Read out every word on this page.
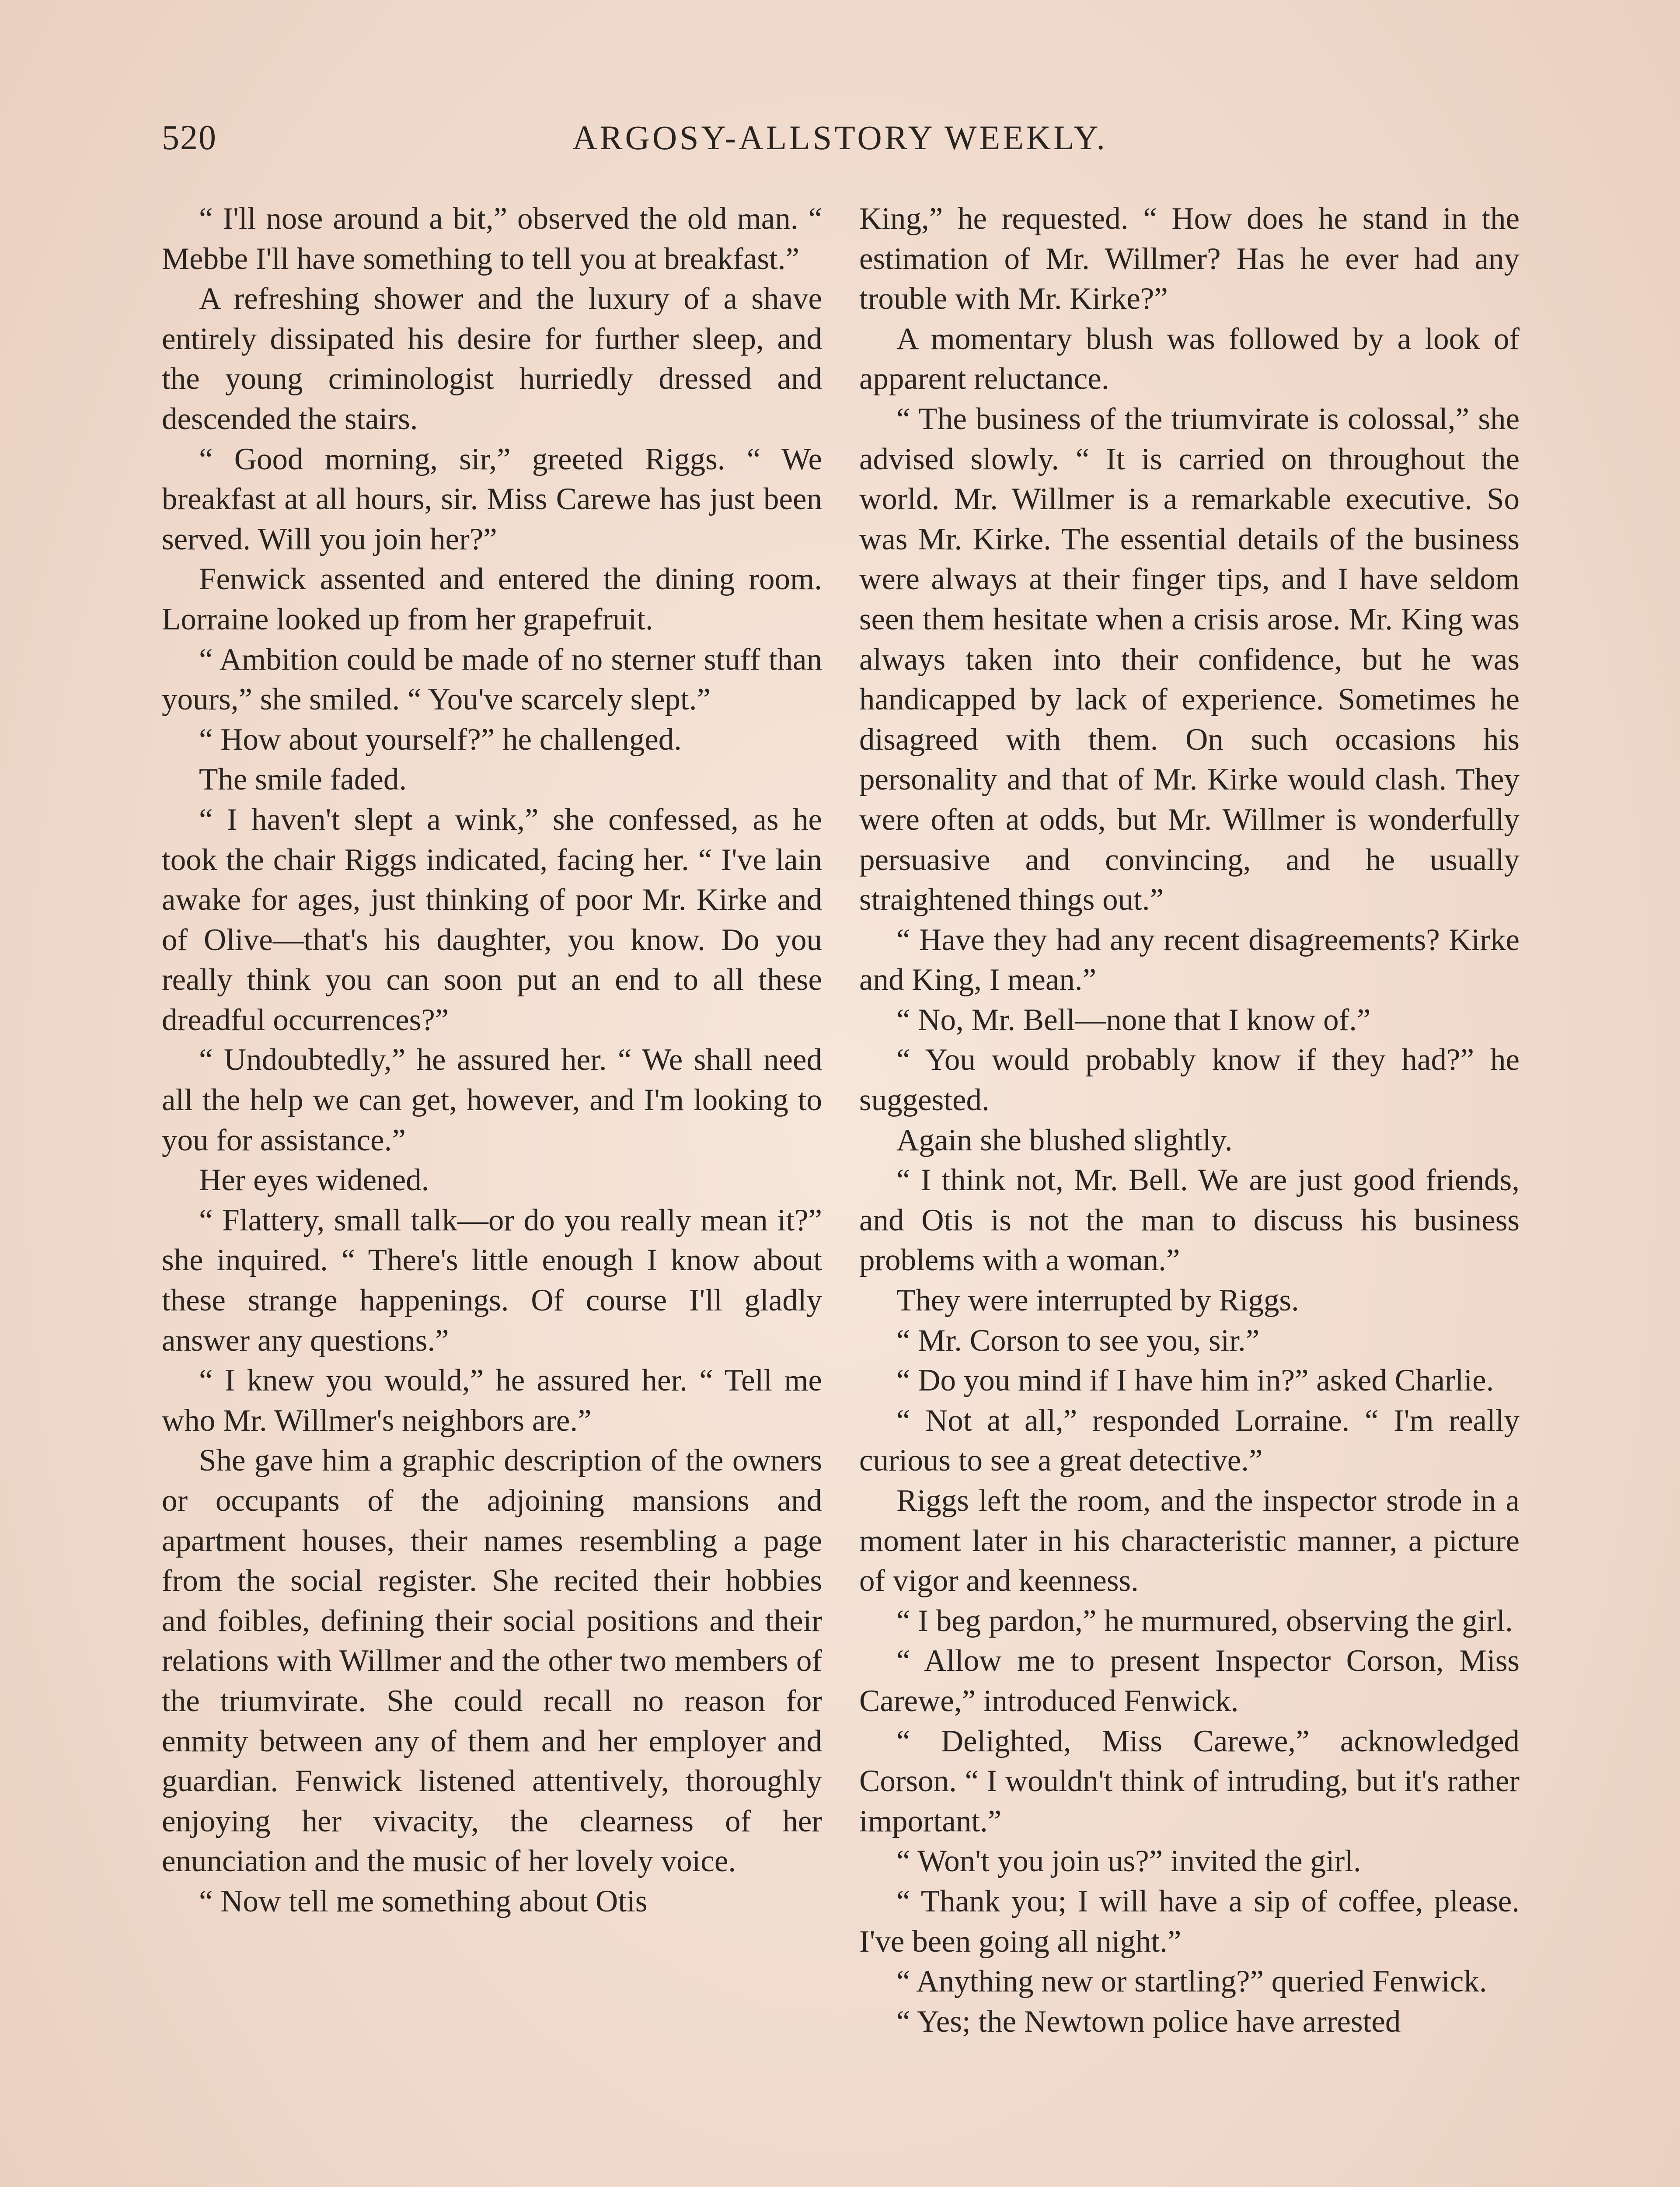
520	ARGOSY-ALLSTORY WEEKLY.

“ I'll nose around a bit,” observed the old man. “ Mebbe I'll have something to tell you at breakfast.”

A refreshing shower and the luxury of a shave entirely dissipated his desire for further sleep, and the young criminologist hurriedly dressed and descended the stairs.

“ Good morning, sir,” greeted Riggs. “ We breakfast at all hours, sir. Miss Carewe has just been served. Will you join her?”

Fenwick assented and entered the dining room. Lorraine looked up from her grapefruit.

“ Ambition could be made of no sterner stuff than yours,” she smiled. “ You've scarcely slept.”

“ How about yourself?” he challenged.

The smile faded.

“ I haven't slept a wink,” she confessed, as he took the chair Riggs indicated, facing her. “ I've lain awake for ages, just thinking of poor Mr. Kirke and of Olive—that's his daughter, you know. Do you really think you can soon put an end to all these dreadful occurrences?”

“ Undoubtedly,” he assured her. “ We shall need all the help we can get, however, and I'm looking to you for assistance.”

Her eyes widened.

“ Flattery, small talk—or do you really mean it?” she inquired. “ There's little enough I know about these strange happenings. Of course I'll gladly answer any questions.”

“ I knew you would,” he assured her. “ Tell me who Mr. Willmer's neighbors are.”

She gave him a graphic description of the owners or occupants of the adjoining mansions and apartment houses, their names resembling a page from the social register. She recited their hobbies and foibles, defining their social positions and their relations with Willmer and the other two members of the triumvirate. She could recall no reason for enmity between any of them and her employer and guardian. Fenwick listened attentively, thoroughly enjoying her vivacity, the clearness of her enunciation and the music of her lovely voice.

“ Now tell me something about Otis

King,” he requested. “ How does he stand in the estimation of Mr. Willmer? Has he ever had any trouble with Mr. Kirke?”

A momentary blush was followed by a look of apparent reluctance.

“ The business of the triumvirate is colossal,” she advised slowly. “ It is carried on throughout the world. Mr. Willmer is a remarkable executive. So was Mr. Kirke. The essential details of the business were always at their finger tips, and I have seldom seen them hesitate when a crisis arose. Mr. King was always taken into their confidence, but he was handicapped by lack of experience. Sometimes he disagreed with them. On such occasions his personality and that of Mr. Kirke would clash. They were often at odds, but Mr. Willmer is wonderfully persuasive and convincing, and he usually straightened things out.”

“ Have they had any recent disagreements? Kirke and King, I mean.”

“ No, Mr. Bell—none that I know of.”

“ You would probably know if they had?” he suggested.

Again she blushed slightly.

“ I think not, Mr. Bell. We are just good friends, and Otis is not the man to discuss his business problems with a woman.”

They were interrupted by Riggs.

“ Mr. Corson to see you, sir.”

“ Do you mind if I have him in?” asked Charlie.

“ Not at all,” responded Lorraine. “ I'm really curious to see a great detective.”

Riggs left the room, and the inspector strode in a moment later in his characteristic manner, a picture of vigor and keenness.

“ I beg pardon,” he murmured, observing the girl.

“ Allow me to present Inspector Corson, Miss Carewe,” introduced Fenwick.

“ Delighted, Miss Carewe,” acknowledged Corson. “ I wouldn't think of intruding, but it's rather important.”

“ Won't you join us?” invited the girl.

“ Thank you; I will have a sip of coffee, please. I've been going all night.”

“ Anything new or startling?” queried Fenwick.

“ Yes; the Newtown police have arrested
